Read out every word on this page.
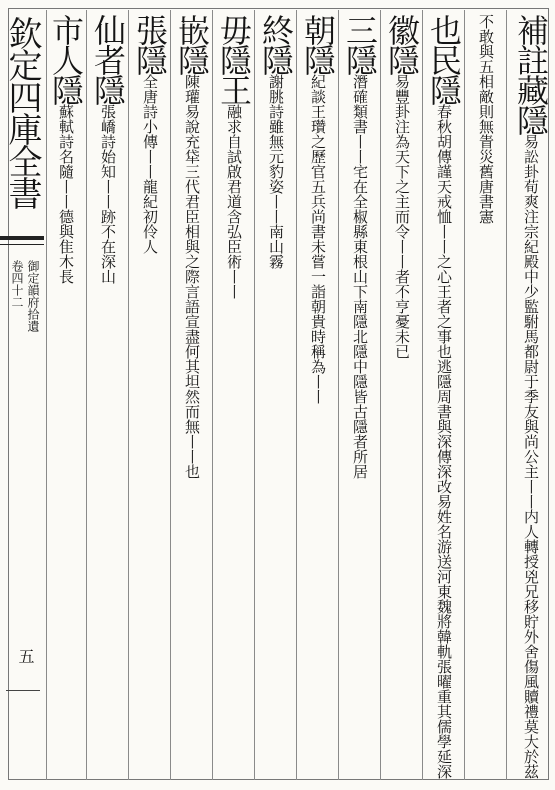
欽定四庫全書
御定韻府拾遺
卷四十二
五
補註藏隱易訟卦荀爽注宗紀殿中少監駙馬都尉于季友與尚公主丨丨内人轉授兇兄移貯外舍傷風贖禮莫大於茲
不敢與五相敵則無眚災舊唐書憲
也民隱春秋胡傳謹天戒恤丨丨之心王者之事也逃隱周書與深傳深改易姓名游送河東魏將韓軌張曜重其儒學延深
徽隱易豐卦注為天下之主而令丨丨者不亨憂未已
三隱潛確類書丨丨宅在全椒縣東根山下南隱北隱中隱皆古隱者所居
朝隱紀談王瓚之歷官五兵尚書未嘗一詣朝貴時稱為丨丨
終隱謝朓詩雖無元豹姿丨丨南山霧
毋隱王融求自試啟君道含弘臣術丨丨
嵌隱陳瓘易說充牮三代君臣相與之際言語宣盡何其坦然而無丨丨也
張隱全唐詩小傳丨丨龍紀初伶人
仙者隱張嶠詩始知丨丨跡不在深山
市人隱蘇軾詩名隨丨丨德與隹木長
